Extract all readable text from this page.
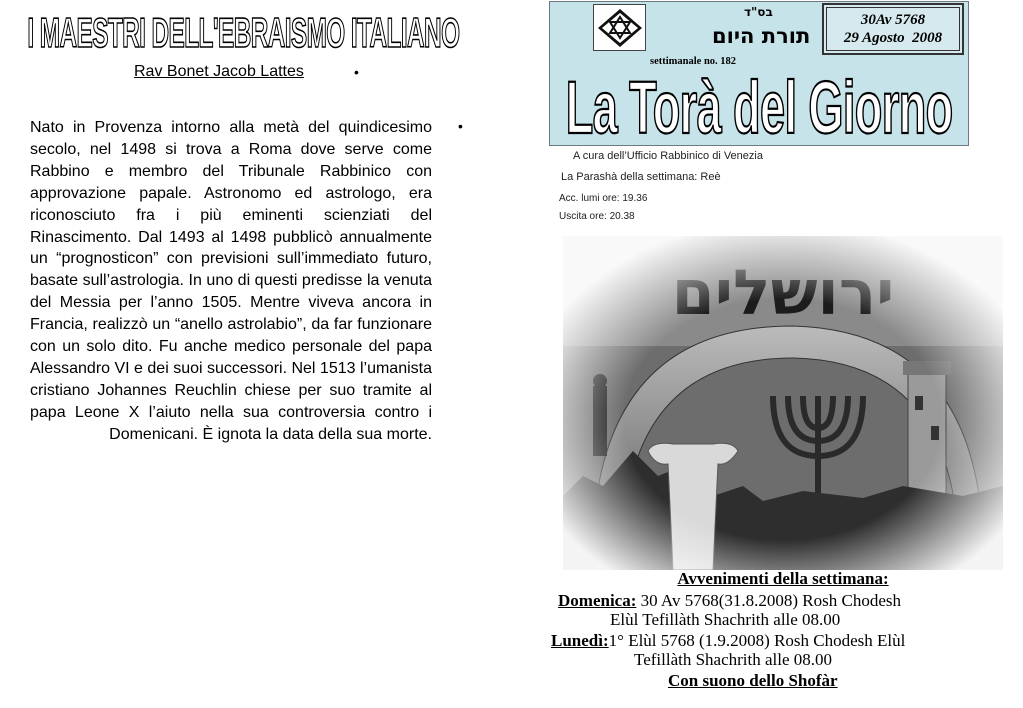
I MAESTRI DELL'EBRAISMO ITALIANO
Rav Bonet Jacob Lattes	•
•
Nato in Provenza intorno alla metà del quindicesimo secolo, nel 1498 si trova a Roma dove serve come Rabbino e membro del Tribunale Rabbinico con approvazione papale. Astronomo ed astrologo, era riconosciuto fra i più eminenti scienziati del Rinascimento. Dal 1493 al 1498 pubblicò annualmente un “prognosticon” con previsioni sull’immediato futuro, basate sull’astrologia. In uno di questi predisse la venuta del Messia per l’anno 1505. Mentre viveva ancora in Francia, realizzò un “anello astrolabio”, da far funzionare con un solo dito. Fu anche medico personale del papa Alessandro VI e dei suoi successori. Nel 1513 l’umanista cristiano Johannes Reuchlin chiese per suo tramite al papa Leone X l’aiuto nella sua controversia contro i Domenicani. È ignota la data della sua morte.
בס"ד
תורת היום
30Av 5768
29 Agosto  2008
settimanale no. 182
La Torà del Giorno
A cura dell’Ufficio Rabbinico di Venezia
La Parashà della settimana: Reè
Acc. lumi ore: 19.36
Uscita ore: 20.38
Avvenimenti della settimana:
Domenica: 30 Av 5768(31.8.2008) Rosh Chodesh
Elùl Tefillàth Shachrith alle 08.00
Lunedì:1° Elùl 5768 (1.9.2008) Rosh Chodesh Elùl
Tefillàth Shachrith alle 08.00
Con suono dello Shofàr
